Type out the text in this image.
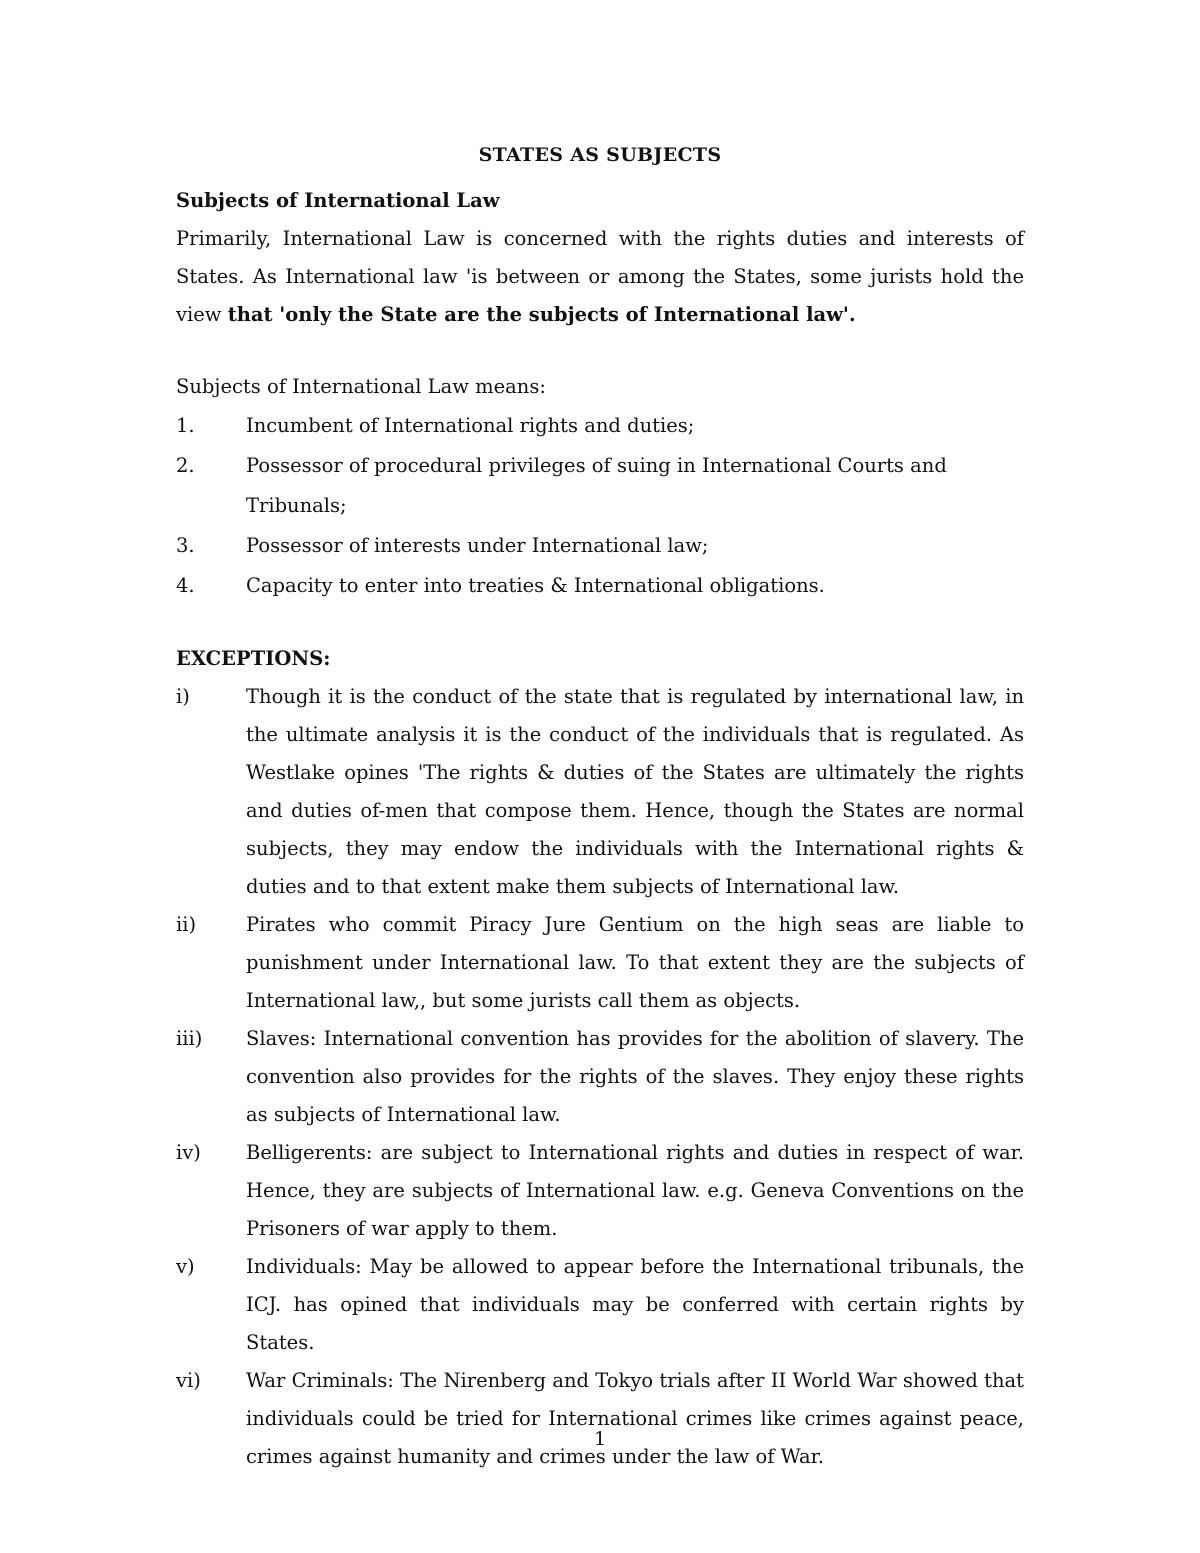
STATES AS SUBJECTS

Subjects of International Law

Primarily, International Law is concerned with the rights duties and interests of States. As International law 'is between or among the States, some jurists hold the view that 'only the State are the subjects of International law'.

Subjects of International Law means:

1.	Incumbent of International rights and duties;
2.	Possessor of procedural privileges of suing in International Courts and Tribunals;
3.	Possessor of interests under International law;
4.	Capacity to enter into treaties & International obligations.

EXCEPTIONS:

i)	Though it is the conduct of the state that is regulated by international law, in the ultimate analysis it is the conduct of the individuals that is regulated. As Westlake opines 'The rights & duties of the States are ultimately the rights and duties of-men that compose them. Hence, though the States are normal subjects, they may endow the individuals with the International rights & duties and to that extent make them subjects of International law.
ii)	Pirates who commit Piracy Jure Gentium on the high seas are liable to punishment under International law. To that extent they are the subjects of International law,, but some jurists call them as objects.
iii)	Slaves: International convention has provides for the abolition of slavery. The convention also provides for the rights of the slaves. They enjoy these rights as subjects of International law.
iv)	Belligerents: are subject to International rights and duties in respect of war. Hence, they are subjects of International law. e.g. Geneva Conventions on the Prisoners of war apply to them.
v)	Individuals: May be allowed to appear before the International tribunals, the ICJ. has opined that individuals may be conferred with certain rights by States.
vi)	War Criminals: The Nirenberg and Tokyo trials after II World War showed that individuals could be tried for International crimes like crimes against peace, crimes against humanity and crimes under the law of War.
1
